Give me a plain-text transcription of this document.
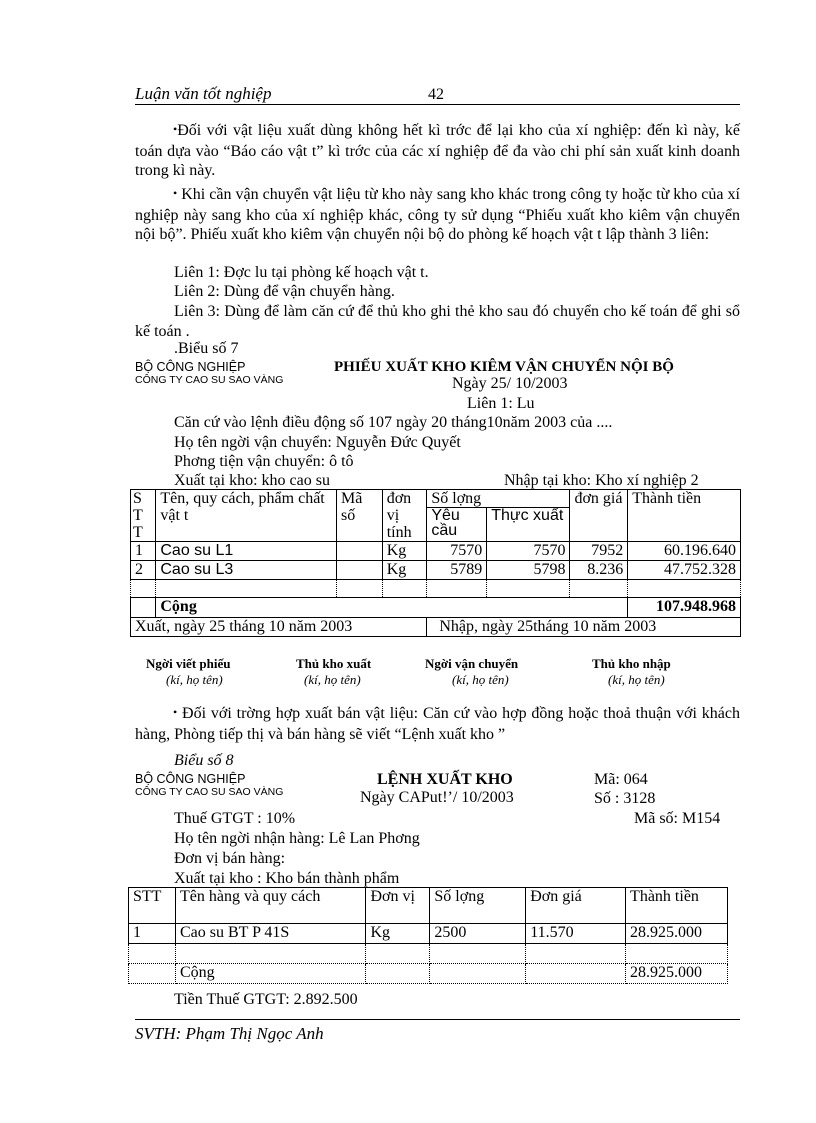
Luận văn tốt nghiệp	42

•Đối với vật liệu xuất dùng không hết kì trớc để lại kho của xí nghiệp: đến kì này, kế toán dựa vào “Báo cáo vật t” kì trớc của các xí nghiệp để đa vào chi phí sản xuất kinh doanh trong kì này.

• Khi cần vận chuyển vật liệu từ kho này sang kho khác trong công ty hoặc từ kho của xí nghiệp này sang kho của xí nghiệp khác, công ty sử dụng “Phiếu xuất kho kiêm vận chuyển nội bộ”. Phiếu xuất kho kiêm vận chuyển nội bộ do phòng kế hoạch vật t lập thành 3 liên:

Liên 1: Đợc lu tại phòng kế hoạch vật t.
Liên 2: Dùng để vận chuyển hàng.

Liên 3: Dùng để làm căn cứ để thủ kho ghi thẻ kho sau đó chuyển cho kế toán để ghi sổ kế toán .

.Biểu số 7
BỘ CÔNG NGHIỆP
CÔNG TY CAO SU SAO VÀNG
PHIẾU XUẤT KHO KIÊM VẬN CHUYỂN NỘI BỘ
Ngày 25/ 10/2003
Liên 1: Lu
Căn cứ vào lệnh điều động số 107 ngày 20 tháng10năm 2003 của ....
Họ tên ngời vận chuyển: Nguyễn Đức Quyết
Phơng tiện vận chuyển: ô tô
Xuất tại kho: kho cao su	Nhập tại kho: Kho xí nghiệp 2
S
T
T	Tên, quy cách, phẩm chất vật t	Mã số	đơn vị tính	Số lợng		đơn giá	Thành tiền
				Yêu cầu	Thực xuất		
1	Cao su L1		Kg	7570	7570	7952	60.196.640
2	Cao su L3		Kg	5789	5798	8.236	47.752.328

	Cộng						107.948.968
Xuất, ngày 25 tháng 10 năm 2003				Nhập, ngày 25tháng 10 năm 2003			
Ngời viết phiếu	Thủ kho xuất	Ngời vận chuyển	Thủ kho nhập
(kí, họ tên)	(kí, họ tên)	(kí, họ tên)	(kí, họ tên)

• Đối với trờng hợp xuất bán vật liệu: Căn cứ vào hợp đồng hoặc thoả thuận với khách hàng, Phòng tiếp thị và bán hàng sẽ viết “Lệnh xuất kho ”

Biểu số 8
BỘ CÔNG NGHIỆP
CÔNG TY CAO SU SAO VÀNG
LỆNH XUẤT KHO
Ngày CAPut!’/ 10/2003
Mã: 064
Số : 3128
Thuế GTGT : 10%	Mã số: M154
Họ tên ngời nhận hàng: Lê Lan Phơng
Đơn vị bán hàng:
Xuất tại kho : Kho bán thành phẩm
STT	Tên hàng và quy cách	Đơn vị	Số lợng	Đơn giá	Thành tiền
1	Cao su BT P 41S	Kg	2500	11.570	28.925.000

	Cộng				28.925.000
Tiền Thuế GTGT: 2.892.500
SVTH: Phạm Thị Ngọc Anh
